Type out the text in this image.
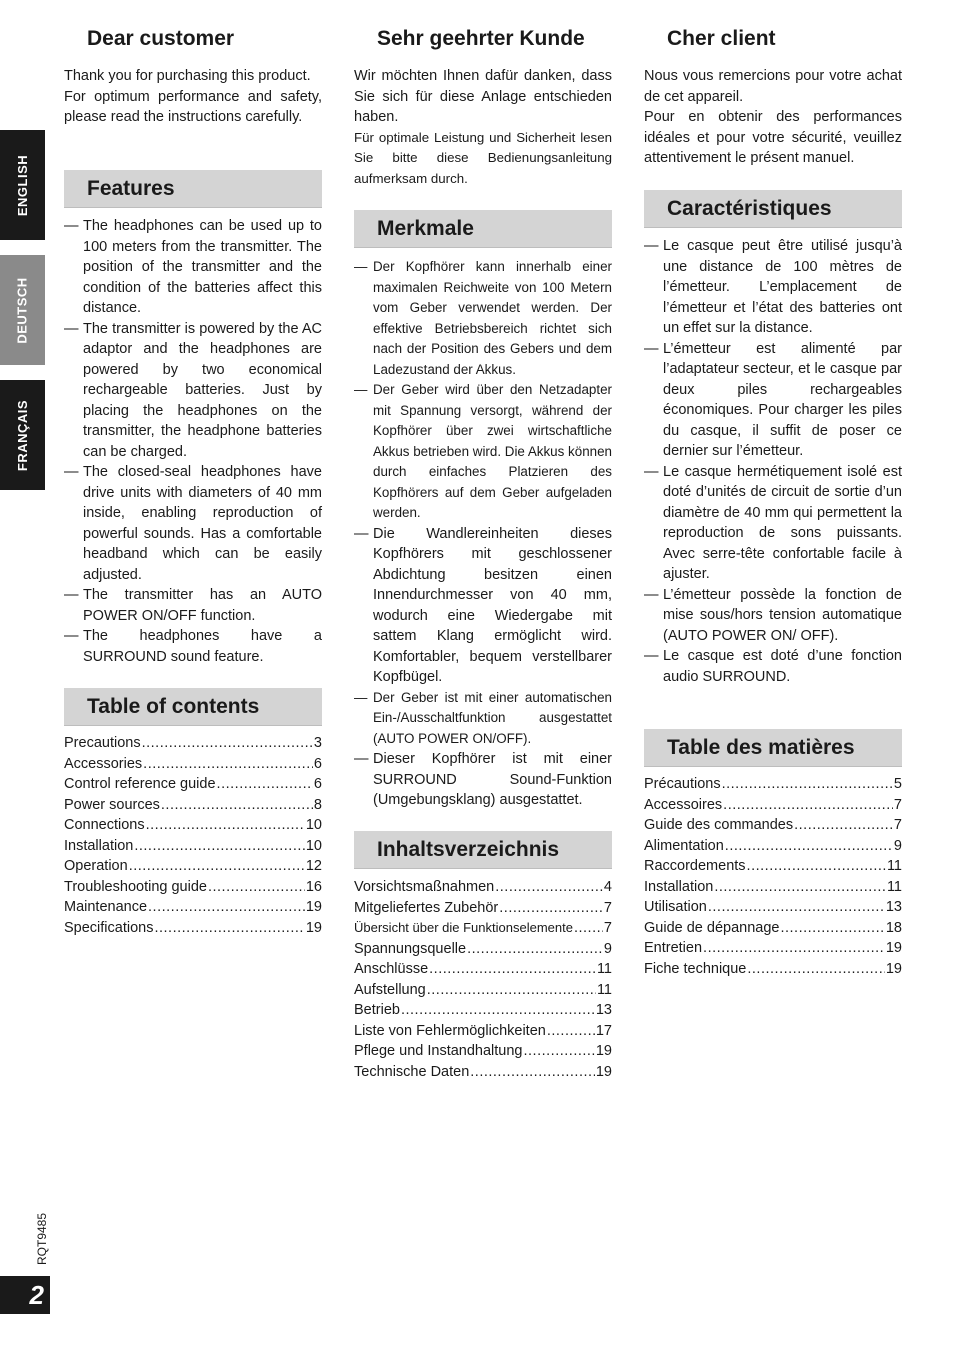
ENGLISH
DEUTSCH
FRANÇAIS
Dear customer

Thank you for purchasing this product.

For optimum performance and safety, please read the instructions carefully.

Features
— The headphones can be used up to 100 meters from the transmitter. The position of the transmitter and the condition of the batteries affect this distance.
— The transmitter is powered by the AC adaptor and the headphones are powered by two economical rechargeable batteries. Just by placing the headphones on the transmitter, the headphone batteries can be charged.
— The closed-seal headphones have drive units with diameters of 40 mm inside, enabling reproduction of powerful sounds. Has a comfortable headband which can be easily adjusted.
— The transmitter has an AUTO POWER ON/OFF function.
— The headphones have a SURROUND sound feature.
Table of contents
Precautions .....	3
Accessories .....	6
Control reference guide .....	6
Power sources .....	8
Connections .....	10
Installation .....	10
Operation .....	12
Troubleshooting guide .....	16
Maintenance .....	19
Specifications .....	19
Sehr geehrter Kunde

Wir möchten Ihnen dafür danken, dass Sie sich für diese Anlage entschieden haben.

Für optimale Leistung und Sicherheit lesen Sie bitte diese Bedienungsanleitung aufmerksam durch.

Merkmale
— Der Kopfhörer kann innerhalb einer maximalen Reichweite von 100 Metern vom Geber verwendet werden. Der effektive Betriebsbereich richtet sich nach der Position des Gebers und dem Ladezustand der Akkus.
— Der Geber wird über den Netzadapter mit Spannung versorgt, während der Kopfhörer über zwei wirtschaftliche Akkus betrieben wird. Die Akkus können durch einfaches Platzieren des Kopfhörers auf dem Geber aufgeladen werden.
— Die Wandlereinheiten dieses Kopfhörers mit geschlossener Abdichtung besitzen einen Innendurchmesser von 40 mm, wodurch eine Wiedergabe mit sattem Klang ermöglicht wird. Komfortabler, bequem verstellbarer Kopfbügel.
— Der Geber ist mit einer automatischen Ein-/Ausschaltfunktion ausgestattet (AUTO POWER ON/OFF).
— Dieser Kopfhörer ist mit einer SURROUND Sound-Funktion (Umgebungsklang) ausgestattet.
Inhaltsverzeichnis
Vorsichtsmaßnahmen .....	4
Mitgeliefertes Zubehör .....	7
Übersicht über die Funktionselemente ..... 7
Spannungsquelle .....	9
Anschlüsse .....	11
Aufstellung .....	11
Betrieb .....	13
Liste von Fehlermöglichkeiten .....	17
Pflege und Instandhaltung .....	19
Technische Daten .....	19
Cher client

Nous vous remercions pour votre achat de cet appareil.

Pour en obtenir des performances idéales et pour votre sécurité, veuillez attentivement le présent manuel.

Caractéristiques
— Le casque peut être utilisé jusqu’à une distance de 100 mètres de l’émetteur. L’emplacement de l’émetteur et l’état des batteries ont un effet sur la distance.
— L’émetteur est alimenté par l’adaptateur secteur, et le casque par deux piles rechargeables économiques. Pour charger les piles du casque, il suffit de poser ce dernier sur l’émetteur.
— Le casque hermétiquement isolé est doté d’unités de circuit de sortie d’un diamètre de 40 mm qui permettent la reproduction de sons puissants. Avec serre-tête confortable facile à ajuster.
— L’émetteur possède la fonction de mise sous/hors tension automatique (AUTO POWER ON/ OFF).
— Le casque est doté d’une fonction audio SURROUND.
Table des matières
Précautions .....	5
Accessoires .....	7
Guide des commandes .....	7
Alimentation .....	9
Raccordements .....	11
Installation .....	11
Utilisation .....	13
Guide de dépannage .....	18
Entretien .....	19
Fiche technique .....	19
RQT9485
2
